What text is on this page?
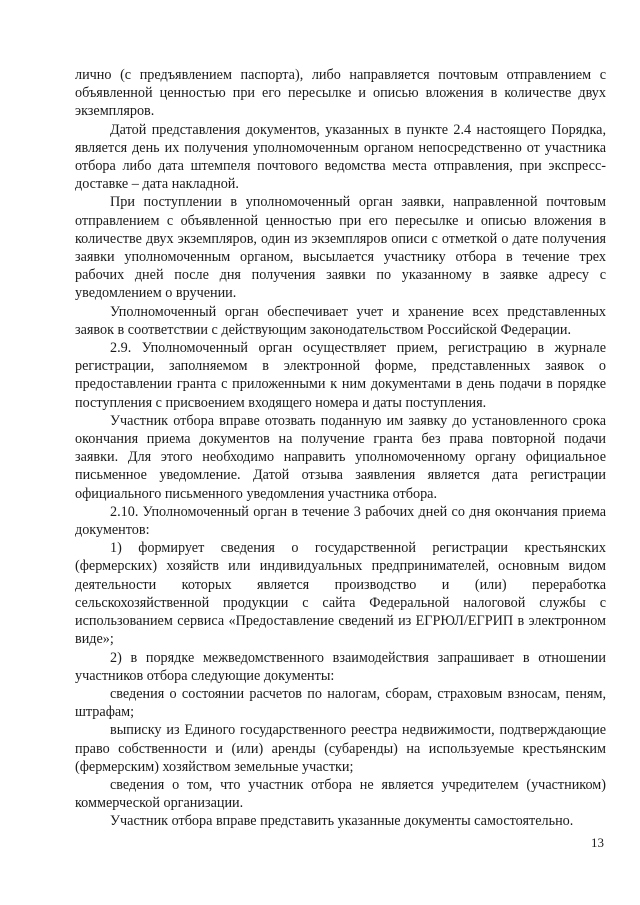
лично (с предъявлением паспорта), либо направляется почтовым отправлением с объявленной ценностью при его пересылке и описью вложения в количестве двух экземпляров.

Датой представления документов, указанных в пункте 2.4 настоящего Порядка, является день их получения уполномоченным органом непосредственно от участника отбора либо дата штемпеля почтового ведомства места отправления, при экспресс-доставке – дата накладной.

При поступлении в уполномоченный орган заявки, направленной почтовым отправлением с объявленной ценностью при его пересылке и описью вложения в количестве двух экземпляров, один из экземпляров описи с отметкой о дате получения заявки уполномоченным органом, высылается участнику отбора в течение трех рабочих дней после дня получения заявки по указанному в заявке адресу с уведомлением о вручении.

Уполномоченный орган обеспечивает учет и хранение всех представленных заявок в соответствии с действующим законодательством Российской Федерации.

2.9. Уполномоченный орган осуществляет прием, регистрацию в журнале регистрации, заполняемом в электронной форме, представленных заявок о предоставлении гранта с приложенными к ним документами в день подачи в порядке поступления с присвоением входящего номера и даты поступления.

Участник отбора вправе отозвать поданную им заявку до установленного срока окончания приема документов на получение гранта без права повторной подачи заявки. Для этого необходимо направить уполномоченному органу официальное письменное уведомление. Датой отзыва заявления является дата регистрации официального письменного уведомления участника отбора.

2.10. Уполномоченный орган в течение 3 рабочих дней со дня окончания приема документов:

1) формирует сведения о государственной регистрации крестьянских (фермерских) хозяйств или индивидуальных предпринимателей, основным видом деятельности которых является производство и (или) переработка сельскохозяйственной продукции с сайта Федеральной налоговой службы с использованием сервиса «Предоставление сведений из ЕГРЮЛ/ЕГРИП в электронном виде»;

2) в порядке межведомственного взаимодействия запрашивает в отношении участников отбора следующие документы:

сведения о состоянии расчетов по налогам, сборам, страховым взносам, пеням, штрафам;

выписку из Единого государственного реестра недвижимости, подтверждающие право собственности и (или) аренды (субаренды) на используемые крестьянским (фермерским) хозяйством земельные участки;

сведения о том, что участник отбора не является учредителем (участником) коммерческой организации.

Участник отбора вправе представить указанные документы самостоятельно.

13
